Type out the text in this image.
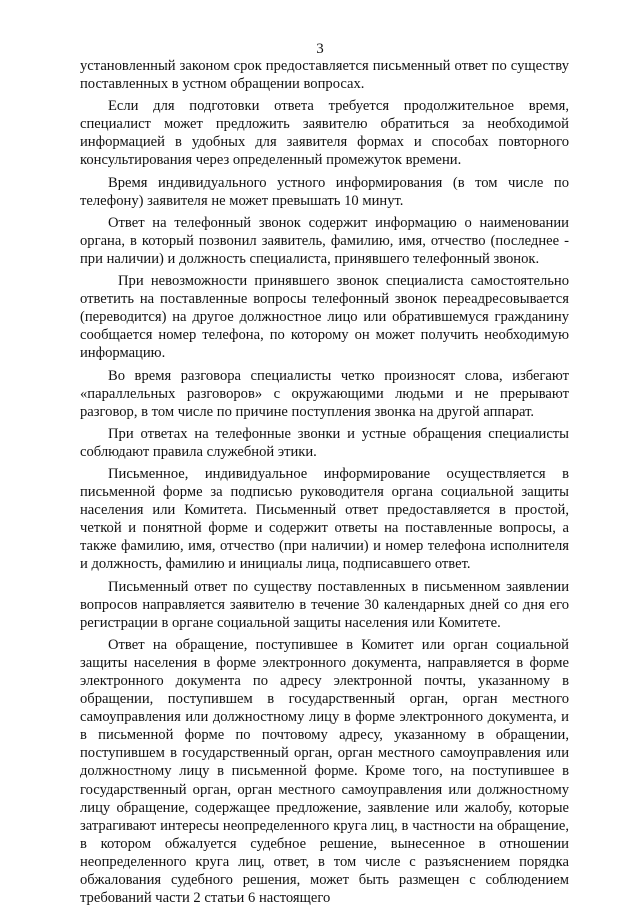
3

установленный законом срок предоставляется письменный ответ по существу поставленных в устном обращении вопросах.

Если для подготовки ответа требуется продолжительное время, специалист может предложить заявителю обратиться за необходимой информацией в удобных для заявителя формах и способах повторного консультирования через определенный промежуток времени.

Время индивидуального устного информирования (в том числе по телефону) заявителя не может превышать 10 минут.

Ответ на телефонный звонок содержит информацию о наименовании органа, в который позвонил заявитель, фамилию, имя, отчество (последнее - при наличии) и должность специалиста, принявшего телефонный звонок.

При невозможности принявшего звонок специалиста самостоятельно ответить на поставленные вопросы телефонный звонок переадресовывается (переводится) на другое должностное лицо или обратившемуся гражданину сообщается номер телефона, по которому он может получить необходимую информацию.

Во время разговора специалисты четко произносят слова, избегают «параллельных разговоров» с окружающими людьми и не прерывают разговор, в том числе по причине поступления звонка на другой аппарат.

При ответах на телефонные звонки и устные обращения специалисты соблюдают правила служебной этики.

Письменное, индивидуальное информирование осуществляется в письменной форме за подписью руководителя органа социальной защиты населения или Комитета. Письменный ответ предоставляется в простой, четкой и понятной форме и содержит ответы на поставленные вопросы, а также фамилию, имя, отчество (при наличии) и номер телефона исполнителя и должность, фамилию и инициалы лица, подписавшего ответ.

Письменный ответ по существу поставленных в письменном заявлении вопросов направляется заявителю в течение 30 календарных дней со дня его регистрации в органе социальной защиты населения или Комитете.

Ответ на обращение, поступившее в Комитет или орган социальной защиты населения в форме электронного документа, направляется в форме электронного документа по адресу электронной почты, указанному в обращении, поступившем в государственный орган, орган местного самоуправления или должностному лицу в форме электронного документа, и в письменной форме по почтовому адресу, указанному в обращении, поступившем в государственный орган, орган местного самоуправления или должностному лицу в письменной форме. Кроме того, на поступившее в государственный орган, орган местного самоуправления или должностному лицу обращение, содержащее предложение, заявление или жалобу, которые затрагивают интересы неопределенного круга лиц, в частности на обращение, в котором обжалуется судебное решение, вынесенное в отношении неопределенного круга лиц, ответ, в том числе с разъяснением порядка обжалования судебного решения, может быть размещен с соблюдением требований части 2 статьи 6 настоящего
